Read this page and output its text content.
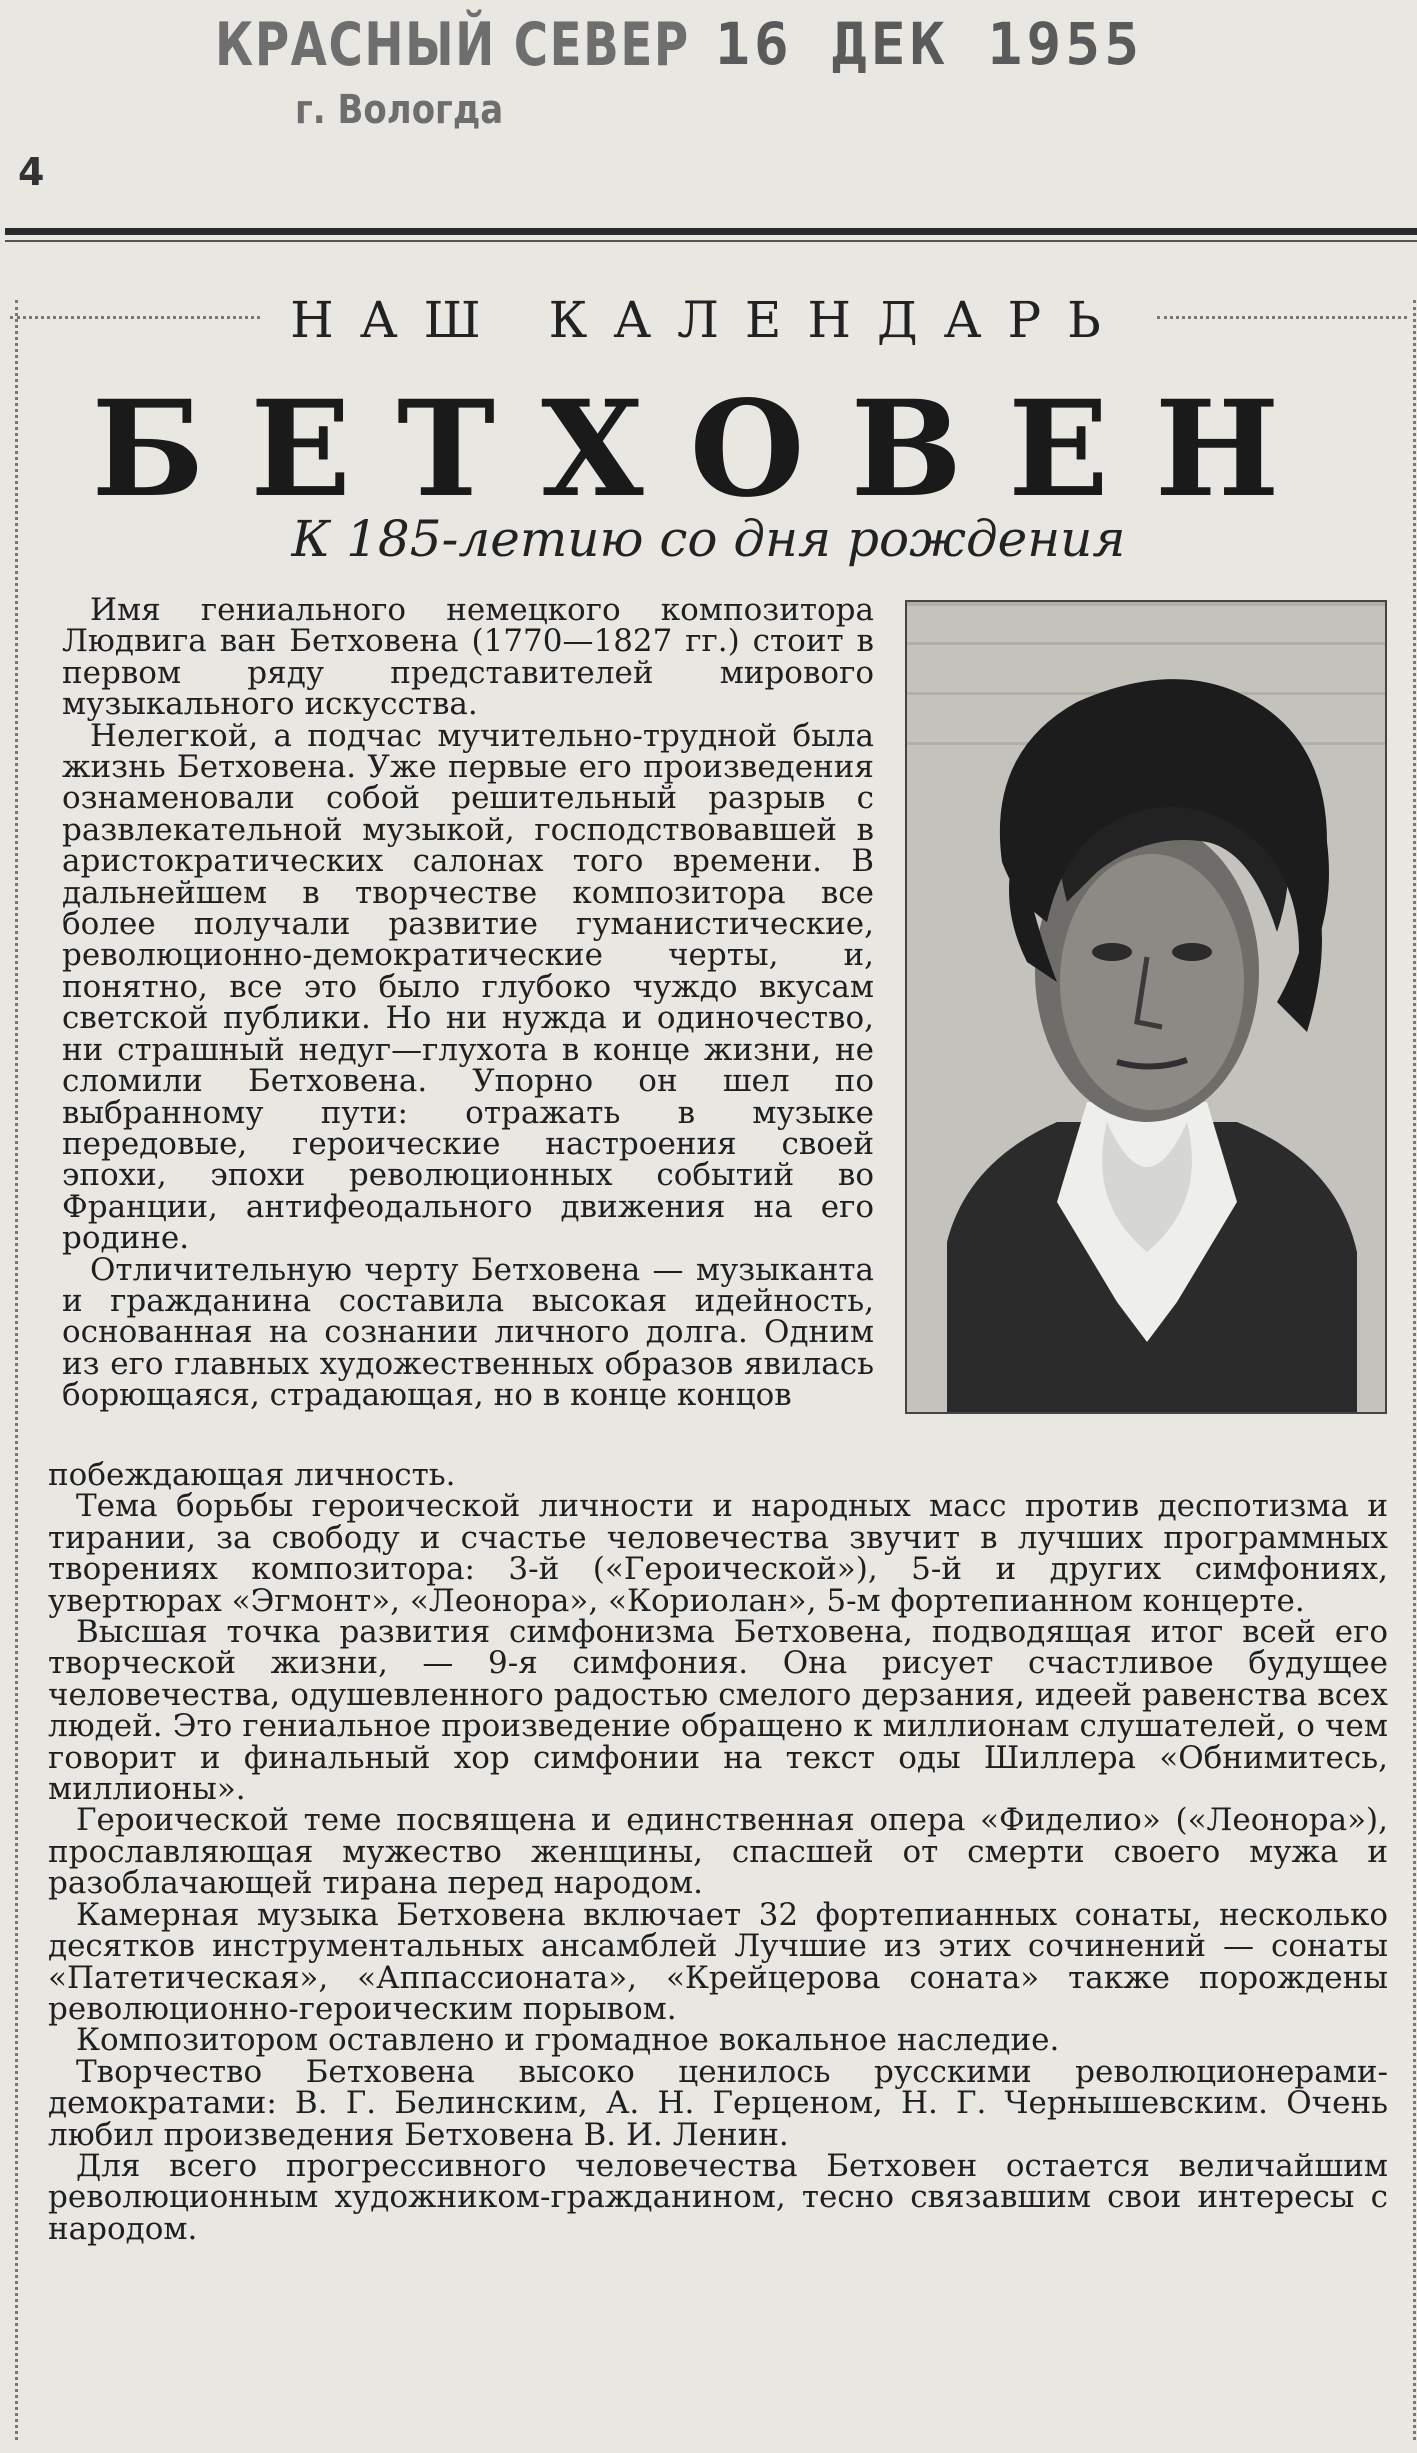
КРАСНЫЙ СЕВЕР
г. Вологда
16 ДЕК 1955
4
НАШ КАЛЕНДАРЬ
БЕТХОВЕН
К 185-летию со дня рождения

Имя гениального немецкого композитора Людвига ван Бетховена (1770—1827 гг.) стоит в первом ряду представителей мирового музыкального искусства.

Нелегкой, а подчас мучительно-трудной была жизнь Бетховена. Уже первые его произведения ознаменовали собой решительный разрыв с развлекательной музыкой, господствовавшей в аристократических салонах того времени. В дальнейшем в творчестве композитора все более получали развитие гуманистические, революционно-демократические черты, и, понятно, все это было глубоко чуждо вкусам светской публики. Но ни нужда и одиночество, ни страшный недуг—глухота в конце жизни, не сломили Бетховена. Упорно он шел по выбранному пути: отражать в музыке передовые, героические настроения своей эпохи, эпохи революционных событий во Франции, антифеодального движения на его родине.

Отличительную черту Бетховена — музыканта и гражданина составила высокая идейность, основанная на сознании личного долга. Одним из его главных художественных образов явилась борющаяся, страдающая, но в конце концов

побеждающая личность.

Тема борьбы героической личности и народных масс против деспотизма и тирании, за свободу и счастье человечества звучит в лучших программных творениях композитора: 3-й («Героической»), 5-й и других симфониях, увертюрах «Эгмонт», «Леонора», «Кориолан», 5-м фортепианном концерте.

Высшая точка развития симфонизма Бетховена, подводящая итог всей его творческой жизни, — 9-я симфония. Она рисует счастливое будущее человечества, одушевленного радостью смелого дерзания, идеей равенства всех людей. Это гениальное произведение обращено к миллионам слушателей, о чем говорит и финальный хор симфонии на текст оды Шиллера «Обнимитесь, миллионы».

Героической теме посвящена и единственная опера «Фиделио» («Леонора»), прославляющая мужество женщины, спасшей от смерти своего мужа и разоблачающей тирана перед народом.

Камерная музыка Бетховена включает 32 фортепианных сонаты, несколько десятков инструментальных ансамблей Лучшие из этих сочинений — сонаты «Патетическая», «Аппассионата», «Крейцерова соната» также порождены революционно-героическим порывом.

Композитором оставлено и громадное вокальное наследие.

Творчество Бетховена высоко ценилось русскими революционерами-демократами: В. Г. Белинским, А. Н. Герценом, Н. Г. Чернышевским. Очень любил произведения Бетховена В. И. Ленин.

Для всего прогрессивного человечества Бетховен остается величайшим революционным художником-гражданином, тесно связавшим свои интересы с народом.
